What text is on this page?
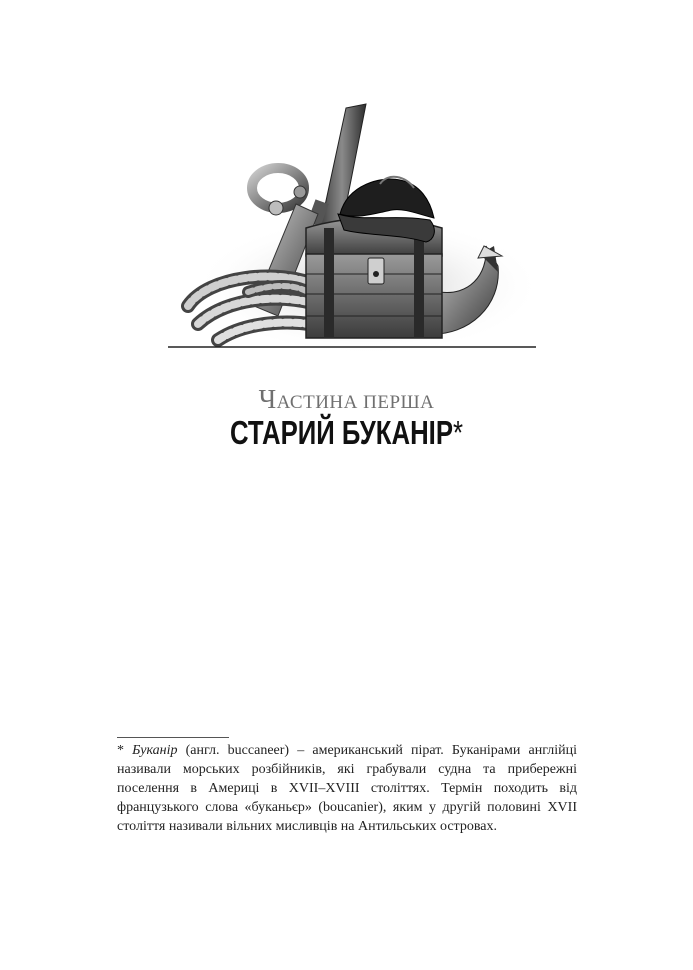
ЧАСТИНА ПЕРША
СТАРИЙ БУКАНІР*
* Буканір (англ. buccaneer) – американський пірат. Буканірами англійці називали морських розбійників, які грабували судна та прибережні поселення в Америці в XVII–XVIII століттях. Термін походить від французького слова «буканьєр» (boucanier), яким у другій половині XVII століття називали вільних мисливців на Антильських островах.
